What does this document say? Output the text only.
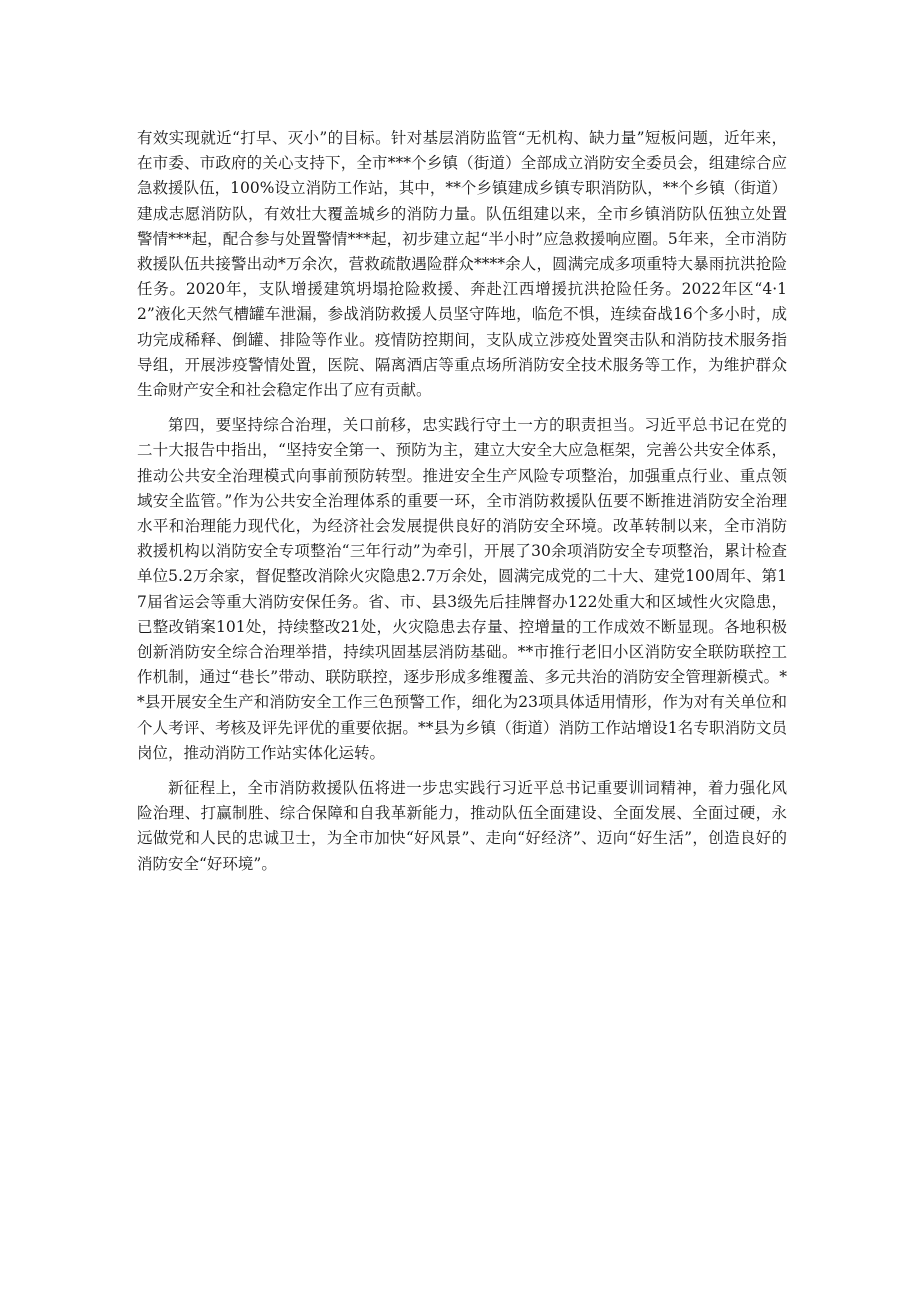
有效实现就近“打早、灭小”的目标。针对基层消防监管“无机构、缺力量”短板问题，近年来，在市委、市政府的关心支持下，全市***个乡镇（街道）全部成立消防安全委员会，组建综合应急救援队伍，100%设立消防工作站，其中，**个乡镇建成乡镇专职消防队，**个乡镇（街道）建成志愿消防队，有效壮大覆盖城乡的消防力量。队伍组建以来，全市乡镇消防队伍独立处置警情***起，配合参与处置警情***起，初步建立起“半小时”应急救援响应圈。5年来，全市消防救援队伍共接警出动*万余次，营救疏散遇险群众****余人，圆满完成多项重特大暴雨抗洪抢险任务。2020年，支队增援建筑坍塌抢险救援、奔赴江西增援抗洪抢险任务。2022年区“4·12”液化天然气槽罐车泄漏，参战消防救援人员坚守阵地，临危不惧，连续奋战16个多小时，成功完成稀释、倒罐、排险等作业。疫情防控期间，支队成立涉疫处置突击队和消防技术服务指导组，开展涉疫警情处置，医院、隔离酒店等重点场所消防安全技术服务等工作，为维护群众生命财产安全和社会稳定作出了应有贡献。

第四，要坚持综合治理，关口前移，忠实践行守土一方的职责担当。习近平总书记在党的二十大报告中指出，“坚持安全第一、预防为主，建立大安全大应急框架，完善公共安全体系，推动公共安全治理模式向事前预防转型。推进安全生产风险专项整治，加强重点行业、重点领域安全监管。”作为公共安全治理体系的重要一环，全市消防救援队伍要不断推进消防安全治理水平和治理能力现代化，为经济社会发展提供良好的消防安全环境。改革转制以来，全市消防救援机构以消防安全专项整治“三年行动”为牵引，开展了30余项消防安全专项整治，累计检查单位5.2万余家，督促整改消除火灾隐患2.7万余处，圆满完成党的二十大、建党100周年、第17届省运会等重大消防安保任务。省、市、县3级先后挂牌督办122处重大和区域性火灾隐患，已整改销案101处，持续整改21处，火灾隐患去存量、控增量的工作成效不断显现。各地积极创新消防安全综合治理举措，持续巩固基层消防基础。**市推行老旧小区消防安全联防联控工作机制，通过“巷长”带动、联防联控，逐步形成多维覆盖、多元共治的消防安全管理新模式。**县开展安全生产和消防安全工作三色预警工作，细化为23项具体适用情形，作为对有关单位和个人考评、考核及评先评优的重要依据。**县为乡镇（街道）消防工作站增设1名专职消防文员岗位，推动消防工作站实体化运转。

新征程上，全市消防救援队伍将进一步忠实践行习近平总书记重要训词精神，着力强化风险治理、打赢制胜、综合保障和自我革新能力，推动队伍全面建设、全面发展、全面过硬，永远做党和人民的忠诚卫士，为全市加快“好风景”、走向“好经济”、迈向“好生活”，创造良好的消防安全“好环境”。
